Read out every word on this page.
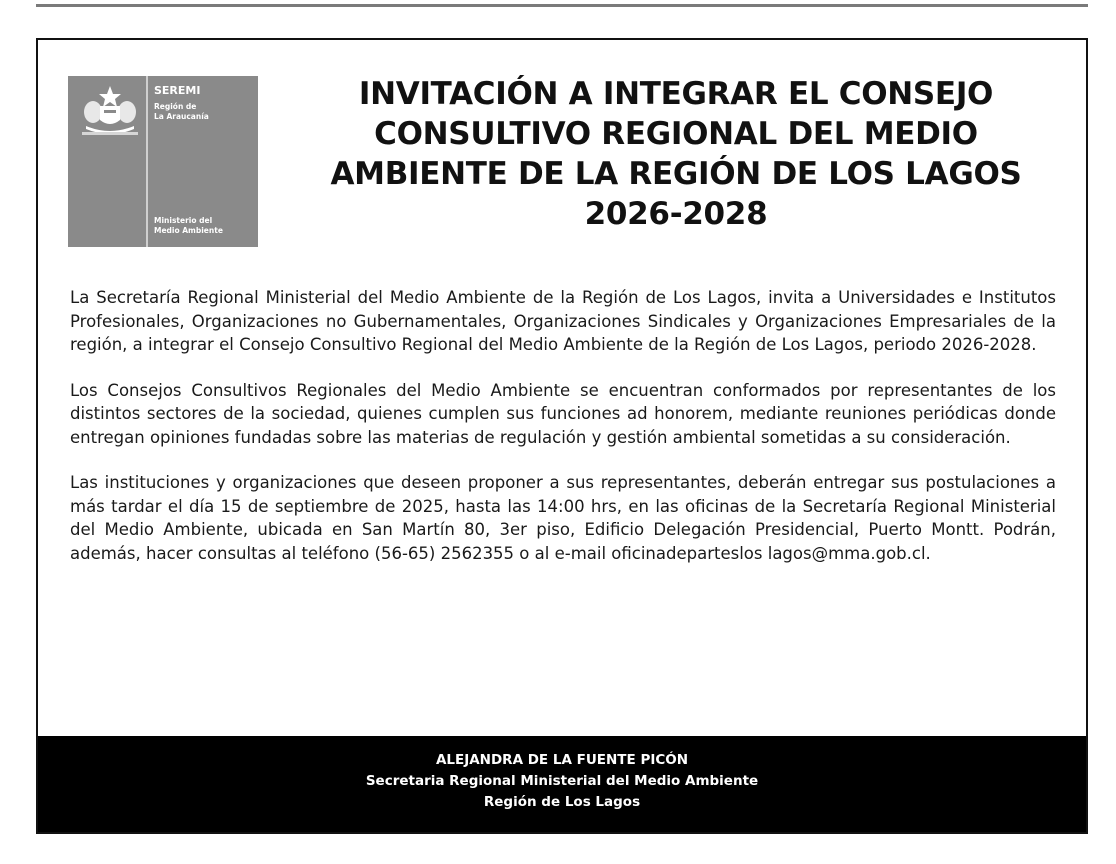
SEREMI
Región de
La Araucanía
Ministerio del
Medio Ambiente
INVITACIÓN A INTEGRAR EL CONSEJO
CONSULTIVO REGIONAL DEL MEDIO
AMBIENTE DE LA REGIÓN DE LOS LAGOS
2026-2028

La Secretaría Regional Ministerial del Medio Ambiente de la Región de Los Lagos, invita a Universidades e Institutos Profesionales, Organizaciones no Gubernamentales, Organizaciones Sindicales y Organizaciones Empresariales de la región, a integrar el Consejo Consultivo Regional del Medio Ambiente de la Región de Los Lagos, periodo 2026-2028.

Los Consejos Consultivos Regionales del Medio Ambiente se encuentran conformados por representantes de los distintos sectores de la sociedad, quienes cumplen sus funciones ad honorem, mediante reuniones periódicas donde entregan opiniones fundadas sobre las materias de regulación y gestión ambiental sometidas a su consideración.

Las instituciones y organizaciones que deseen proponer a sus representantes, deberán entregar sus postulaciones a más tardar el día 15 de septiembre de 2025, hasta las 14:00 hrs, en las oficinas de la Secretaría Regional Ministerial del Medio Ambiente, ubicada en San Martín 80, 3er piso, Edificio Delegación Presidencial, Puerto Montt. Podrán, además, hacer consultas al teléfono (56-65) 2562355 o al e-mail oficinadeparteslos lagos@mma.gob.cl.

ALEJANDRA DE LA FUENTE PICÓN
Secretaria Regional Ministerial del Medio Ambiente
Región de Los Lagos
